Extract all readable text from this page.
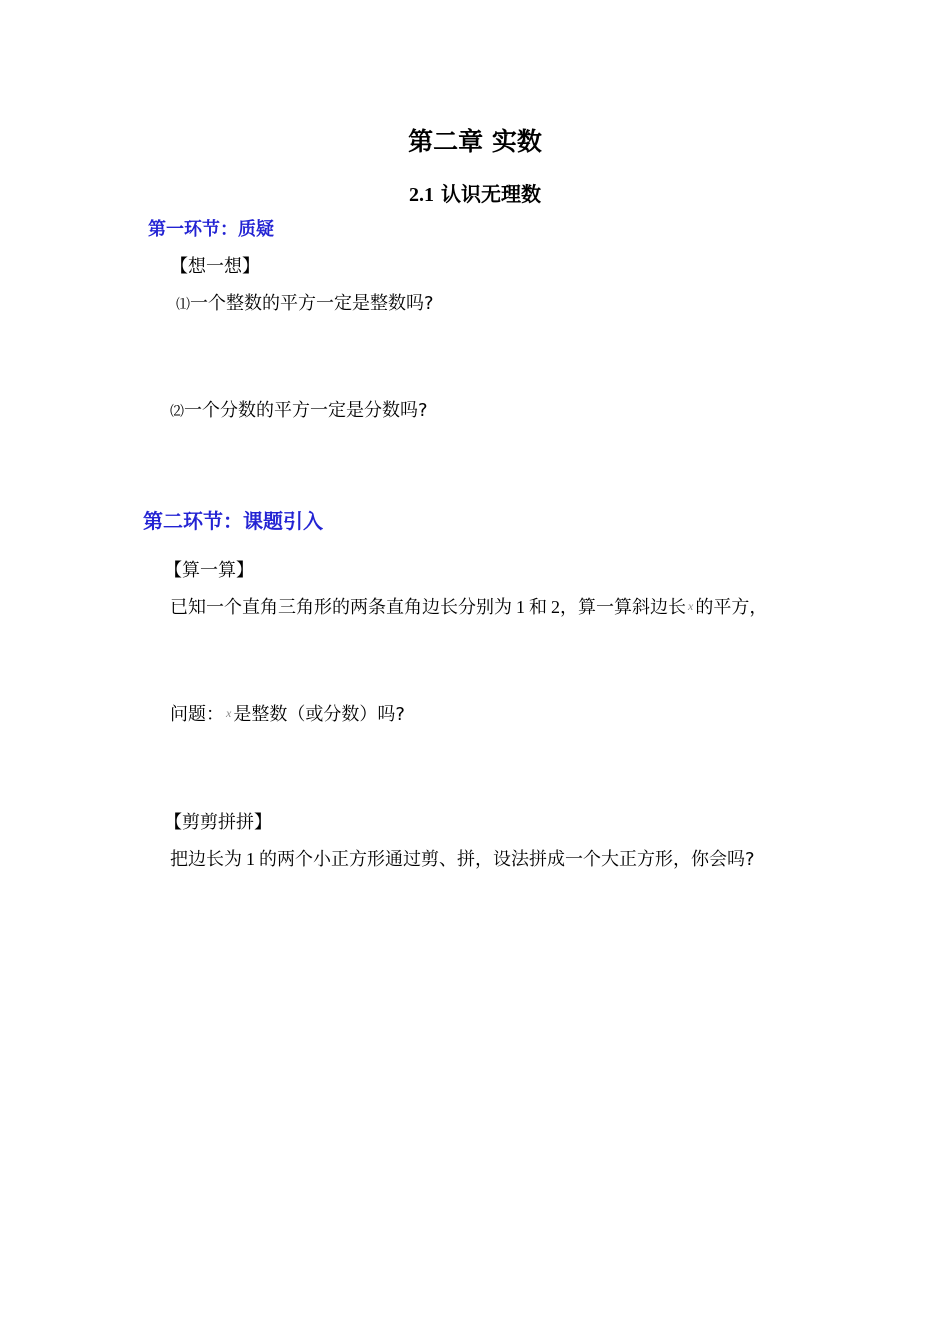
第二章 实数
2.1 认识无理数
第一环节：质疑
【想一想】
⑴一个整数的平方一定是整数吗?
⑵一个分数的平方一定是分数吗?
第二环节：课题引入
【算一算】
已知一个直角三角形的两条直角边长分别为 1 和 2，算一算斜边长 x 的平方，
问题： x 是整数（或分数）吗?
【剪剪拼拼】
把边长为 1 的两个小正方形通过剪、拼，设法拼成一个大正方形，你会吗?
